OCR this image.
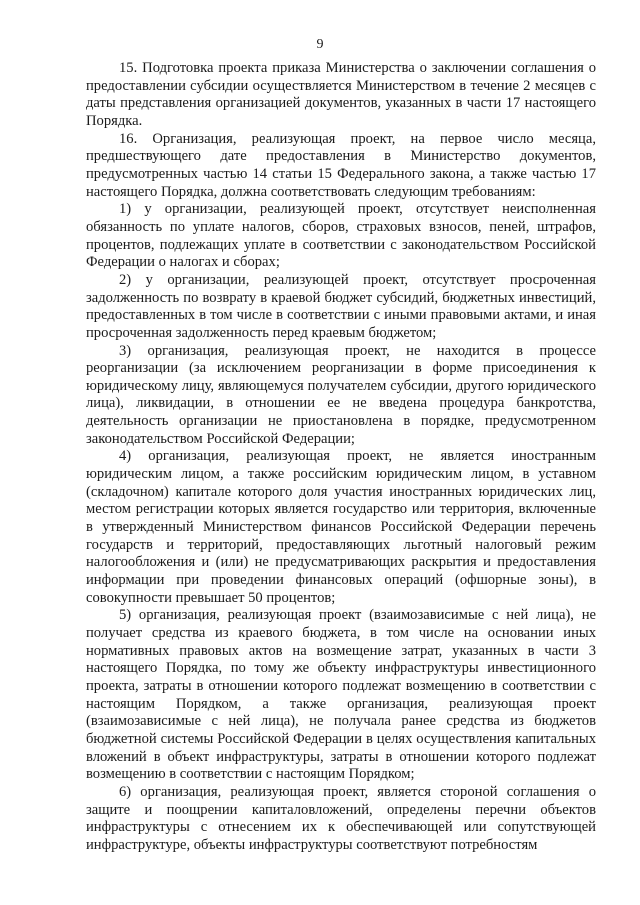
9

15. Подготовка проекта приказа Министерства о заключении соглашения о предоставлении субсидии осуществляется Министерством в течение 2 месяцев с даты представления организацией документов, указанных в части 17 настоящего Порядка.

16. Организация, реализующая проект, на первое число месяца, предшествующего дате предоставления в Министерство документов, предусмотренных частью 14 статьи 15 Федерального закона, а также частью 17 настоящего Порядка, должна соответствовать следующим требованиям:

1) у организации, реализующей проект, отсутствует неисполненная обязанность по уплате налогов, сборов, страховых взносов, пеней, штрафов, процентов, подлежащих уплате в соответствии с законодательством Российской Федерации о налогах и сборах;

2) у организации, реализующей проект, отсутствует просроченная задолженность по возврату в краевой бюджет субсидий, бюджетных инвестиций, предоставленных в том числе в соответствии с иными правовыми актами, и иная просроченная задолженность перед краевым бюджетом;

3) организация, реализующая проект, не находится в процессе реорганизации (за исключением реорганизации в форме присоединения к юридическому лицу, являющемуся получателем субсидии, другого юридического лица), ликвидации, в отношении ее не введена процедура банкротства, деятельность организации не приостановлена в порядке, предусмотренном законодательством Российской Федерации;

4) организация, реализующая проект, не является иностранным юридическим лицом, а также российским юридическим лицом, в уставном (складочном) капитале которого доля участия иностранных юридических лиц, местом регистрации которых является государство или территория, включенные в утвержденный Министерством финансов Российской Федерации перечень государств и территорий, предоставляющих льготный налоговый режим налогообложения и (или) не предусматривающих раскрытия и предоставления информации при проведении финансовых операций (офшорные зоны), в совокупности превышает 50 процентов;

5) организация, реализующая проект (взаимозависимые с ней лица), не получает средства из краевого бюджета, в том числе на основании иных нормативных правовых актов на возмещение затрат, указанных в части 3 настоящего Порядка, по тому же объекту инфраструктуры инвестиционного проекта, затраты в отношении которого подлежат возмещению в соответствии с настоящим Порядком, а также организация, реализующая проект (взаимозависимые с ней лица), не получала ранее средства из бюджетов бюджетной системы Российской Федерации в целях осуществления капитальных вложений в объект инфраструктуры, затраты в отношении которого подлежат возмещению в соответствии с настоящим Порядком;

6) организация, реализующая проект, является стороной соглашения о защите и поощрении капиталовложений, определены перечни объектов инфраструктуры с отнесением их к обеспечивающей или сопутствующей инфраструктуре, объекты инфраструктуры соответствуют потребностям
